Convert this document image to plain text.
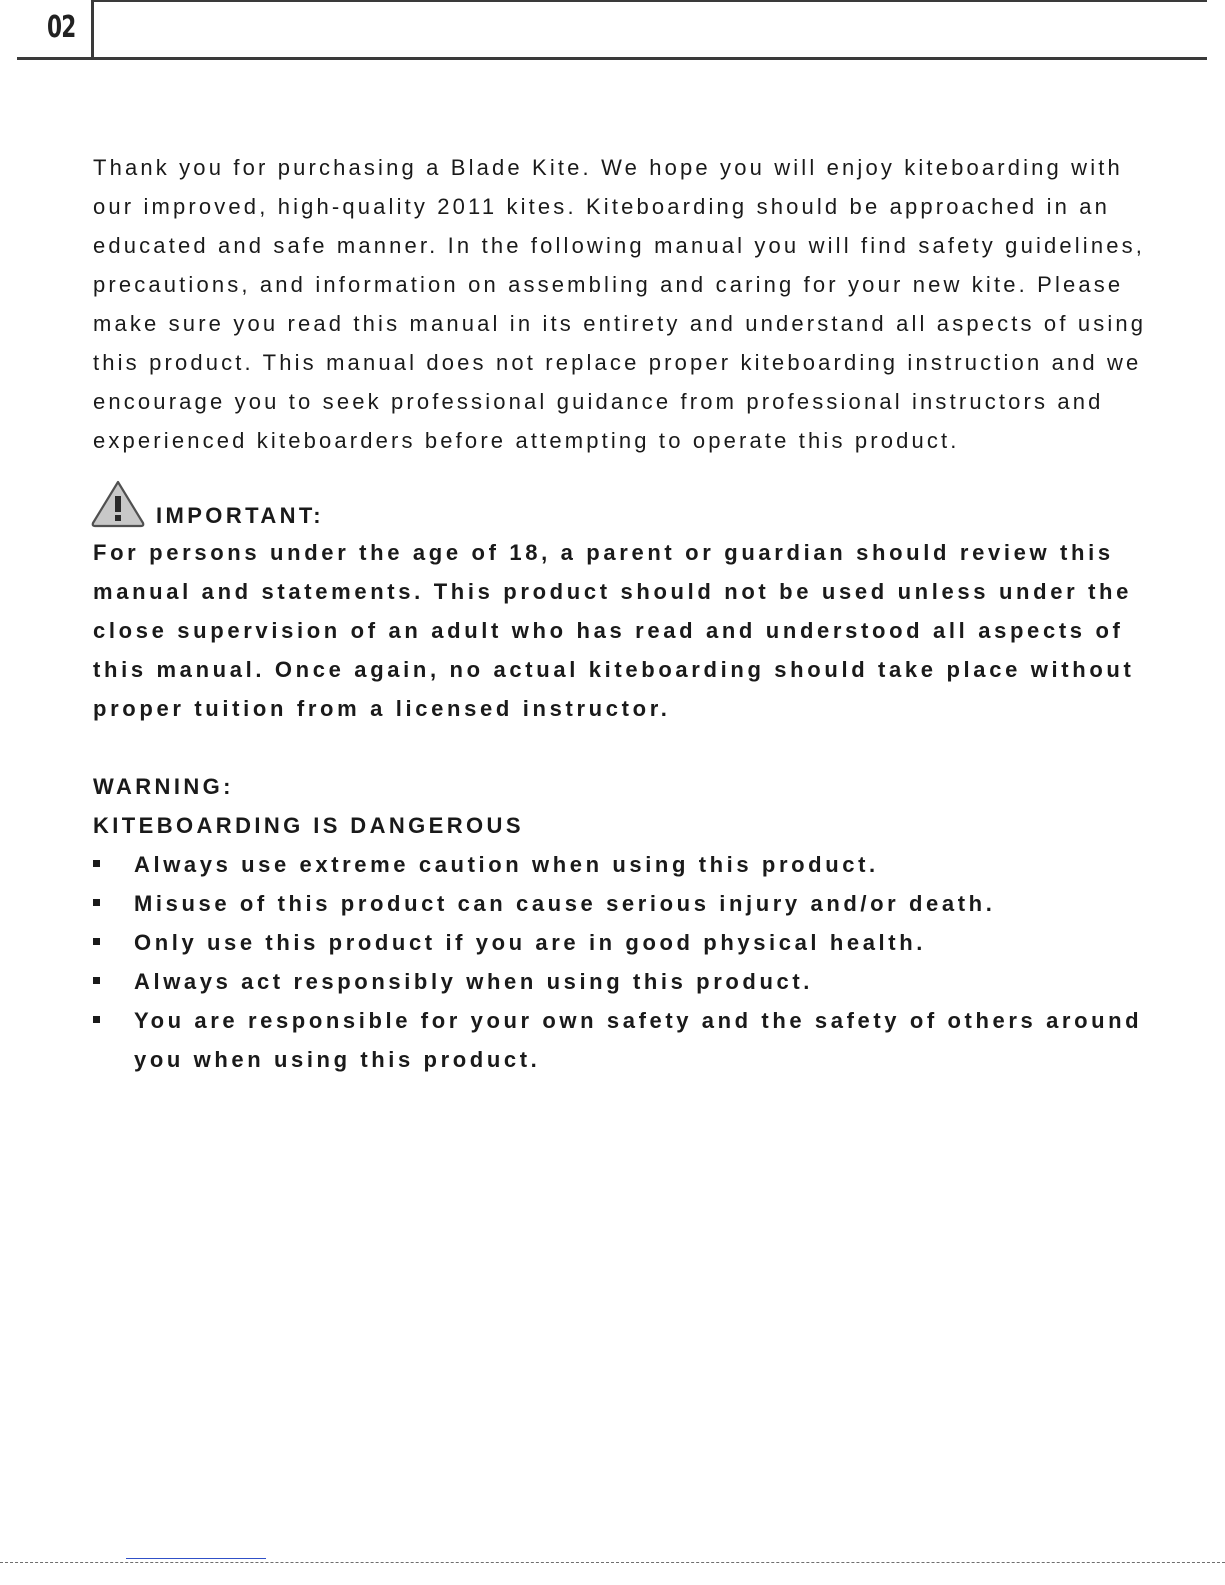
02

Thank you for purchasing a Blade Kite. We hope you will enjoy kiteboarding with our improved, high-quality 2011 kites. Kiteboarding should be approached in an educated and safe manner. In the following manual you will find safety guidelines, precautions, and information on assembling and caring for your new kite. Please make sure you read this manual in its entirety and understand all aspects of using this product. This manual does not replace proper kiteboarding instruction and we encourage you to seek professional guidance from professional instructors and experienced kiteboarders before attempting to operate this product.

IMPORTANT:

For persons under the age of 18, a parent or guardian should review this manual and statements. This product should not be used unless under the close supervision of an adult who has read and understood all aspects of this manual. Once again, no actual kiteboarding should take place without proper tuition from a licensed instructor.

WARNING:
KITEBOARDING IS DANGEROUS
Always use extreme caution when using this product.
Misuse of this product can cause serious injury and/or death.
Only use this product if you are in good physical health.
Always act responsibly when using this product.
You are responsible for your own safety and the safety of others around you when using this product.
